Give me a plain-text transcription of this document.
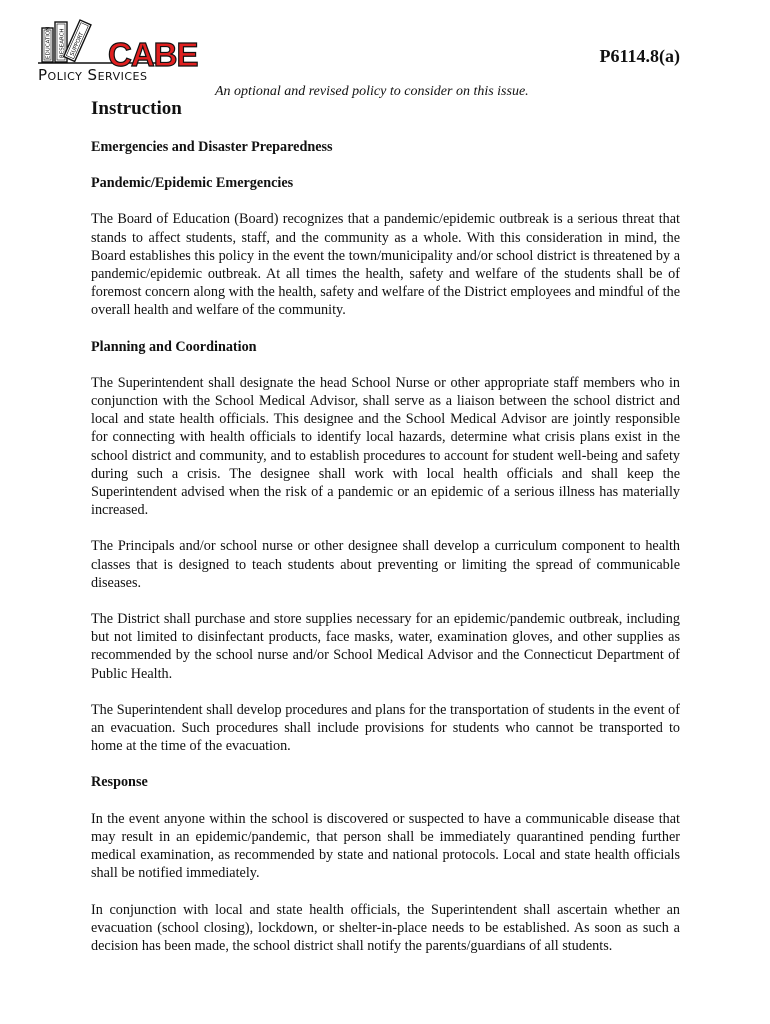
EDUCATION RESEARCH SUPPORT CABE
Policy Services
P6114.8(a)
An optional and revised policy to consider on this issue.
Instruction

Emergencies and Disaster Preparedness

Pandemic/Epidemic Emergencies

The Board of Education (Board) recognizes that a pandemic/epidemic outbreak is a serious threat that stands to affect students, staff, and the community as a whole. With this consideration in mind, the Board establishes this policy in the event the town/municipality and/or school district is threatened by a pandemic/epidemic outbreak. At all times the health, safety and welfare of the students shall be of foremost concern along with the health, safety and welfare of the District employees and mindful of the overall health and welfare of the community.

Planning and Coordination

The Superintendent shall designate the head School Nurse or other appropriate staff members who in conjunction with the School Medical Advisor, shall serve as a liaison between the school district and local and state health officials. This designee and the School Medical Advisor are jointly responsible for connecting with health officials to identify local hazards, determine what crisis plans exist in the school district and community, and to establish procedures to account for student well-being and safety during such a crisis. The designee shall work with local health officials and shall keep the Superintendent advised when the risk of a pandemic or an epidemic of a serious illness has materially increased.

The Principals and/or school nurse or other designee shall develop a curriculum component to health classes that is designed to teach students about preventing or limiting the spread of communicable diseases.

The District shall purchase and store supplies necessary for an epidemic/pandemic outbreak, including but not limited to disinfectant products, face masks, water, examination gloves, and other supplies as recommended by the school nurse and/or School Medical Advisor and the Connecticut Department of Public Health.

The Superintendent shall develop procedures and plans for the transportation of students in the event of an evacuation. Such procedures shall include provisions for students who cannot be transported to home at the time of the evacuation.

Response

In the event anyone within the school is discovered or suspected to have a communicable disease that may result in an epidemic/pandemic, that person shall be immediately quarantined pending further medical examination, as recommended by state and national protocols. Local and state health officials shall be notified immediately.

In conjunction with local and state health officials, the Superintendent shall ascertain whether an evacuation (school closing), lockdown, or shelter-in-place needs to be established. As soon as such a decision has been made, the school district shall notify the parents/guardians of all students.
